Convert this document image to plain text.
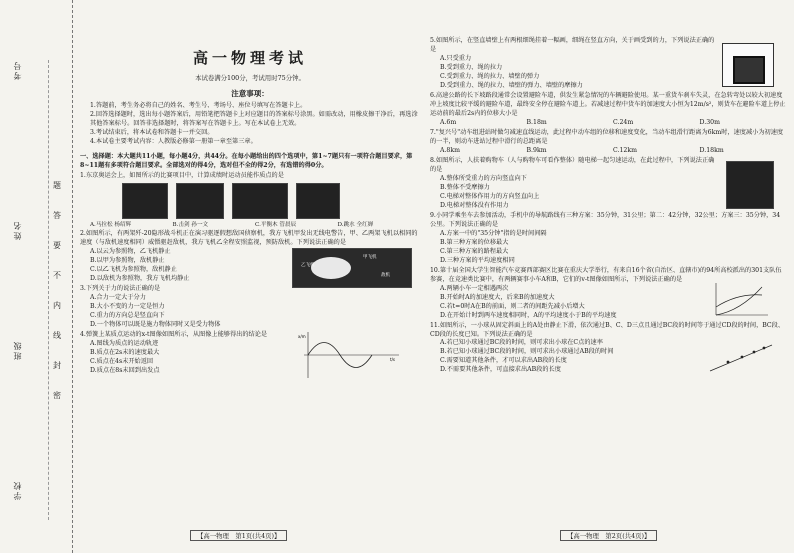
考号
姓名
班级
学校
题
答
要
不
内
线
封
密
高一物理考试
本试卷满分100分，考试用时75分钟。
注意事项：
1.答题前，考生务必将自己的姓名、考生号、考场号、座位号填写在答题卡上。
2.回答选择题时，选出每小题答案后，用铅笔把答题卡上对应题目的答案标号涂黑。如需改动，用橡皮擦干净后，再选涂其他答案标号。回答非选择题时，将答案写在答题卡上。写在本试卷上无效。
3.考试结束后，将本试卷和答题卡一并交回。
4.本试卷主要考试内容：人教版必修第一册第一章至第三章。
一、选择题：本大题共11小题，每小题4分，共44分。在每小题给出的四个选项中，第1~7题只有一项符合题目要求，第8~11题有多项符合题目要求。全部选对的得4分，选对但不全的得2分，有选错的得0分。
1.东京奥运会上，如图所示的比赛项目中，计算成绩时运动员能作质点的是
A.马拉松 杨绍辉	B.击剑 孙一文	C.平衡木 管晨辰	D.跳水 全红婵
2.如图所示，有两架歼-20隐形战斗机正在演习驱逐假想敌国侦察机，我方飞机甲发出无线电警告，甲、乙两架飞机以相同的速度（与敌机速度相同）威慑驱赶敌机，我方飞机乙全程安照监视，预防敌机。下列说法正确的是
A.以云为参照物，乙飞机静止
B.以甲为参照物，敌机静止
C.以乙飞机为参照物，敌机静止
D.以敌机为参照物，我方飞机均静止
乙飞机
甲飞机
敌机
3.下列关于力的说法正确的是
A.合力一定大于分力
B.大小不变的力一定是恒力
C.重力的方向总是竖直向下
D.一个物体可以既是施力物体同时又是受力物体
4.弹簧上某质点运动的x-t图像如图所示，从图像上能够得出的结论是
A.图线为质点的运动轨迹
B.质点在2s末的速度最大
C.质点在4s末开始返回
D.质点在8s末回到出发点
x/m
t/s
【高一物理　第1页(共4页)】
5.如图所示，在竖直墙壁上有两根细绳挂着一幅画，细绳在竖直方向，关于画受到的力，下列说法正确的是
A.只受重力
B.受到重力、绳的拉力
C.受到重力、绳的拉力、墙壁的弹力
D.受到重力、绳的拉力、墙壁的弹力、墙壁的摩擦力
6.高速公路的长下坡路段通常会设置避险车道，供发生紧急情况的车辆避险使用。某一重货车刹车失灵，在急转弯处以较大初速度冲上坡度比较平缓的避险车道，最终安全停在避险车道上。若减速过程中货车的加速度大小恒为12m/s²，则货车在避险车道上停止运动前的最后2s内的位移大小是
A.6m	B.18m	C.24m	D.30m
7."复兴号"动车组进站时做匀减速直线运动，此过程中动车组的位移和速度变化，当动车组滑行距离为6km时，速度减小为初速度的一半，则动车进站过程中滑行的总距离是
A.8km	B.9km	C.12km	D.18km
8.如图所示，人扶着购物车（人与购物车可看作整体）随电梯一起匀速运动，在此过程中，下列说法正确的是
A.整体所受重力的方向竖直向下
B.整体不受摩擦力
C.电梯对整体作用力的方向竖直向上
D.电梯对整体没有作用力
9.小同学乘坐车去参加活动，手机中的导航路线有三种方案：35分钟，31公里；第二：42分钟，32公里；方案三：35分钟，34公里。下列说法正确的是
A.方案一中的"35分钟"指的是时间间隔
B.第三种方案的位移最大
C.第三种方案的路程最大
D.三种方案的平均速度相同
10.第十届全国大学生智能汽车竞赛西部赛区比赛在重庆大学举行，有来自16个省(自治区、直辖市)的94所高校派出的301支队伍参赛，在竞速类比赛中，有两辆赛事小车A和B，它们的v-t图像如图所示，下列说法正确的是
A.两辆小车一定相遇两次
B.开始时A的加速度大，后来B的加速度大
C.若t=0时A在B的前面，则二者的间距先减小后增大
D.在开始计时到两车速度相同时，A的平均速度小于B的平均速度
11.如图所示，一小球从固定斜面上的A处由静止下滑，依次通过B、C、D三点且通过BC段的时间等于通过CD段的时间，BC段、CD段的长度已知。下列说法正确的是
A.若已知小球通过BC段的时间，则可求出小球在C点的速率
B.若已知小球通过BC段的时间，则可求出小球通过AB段的时间
C.需要知道其他条件，才可以求出AB段的长度
D.不需要其他条件，可直接求出AB段的长度
【高一物理　第2页(共4页)】
